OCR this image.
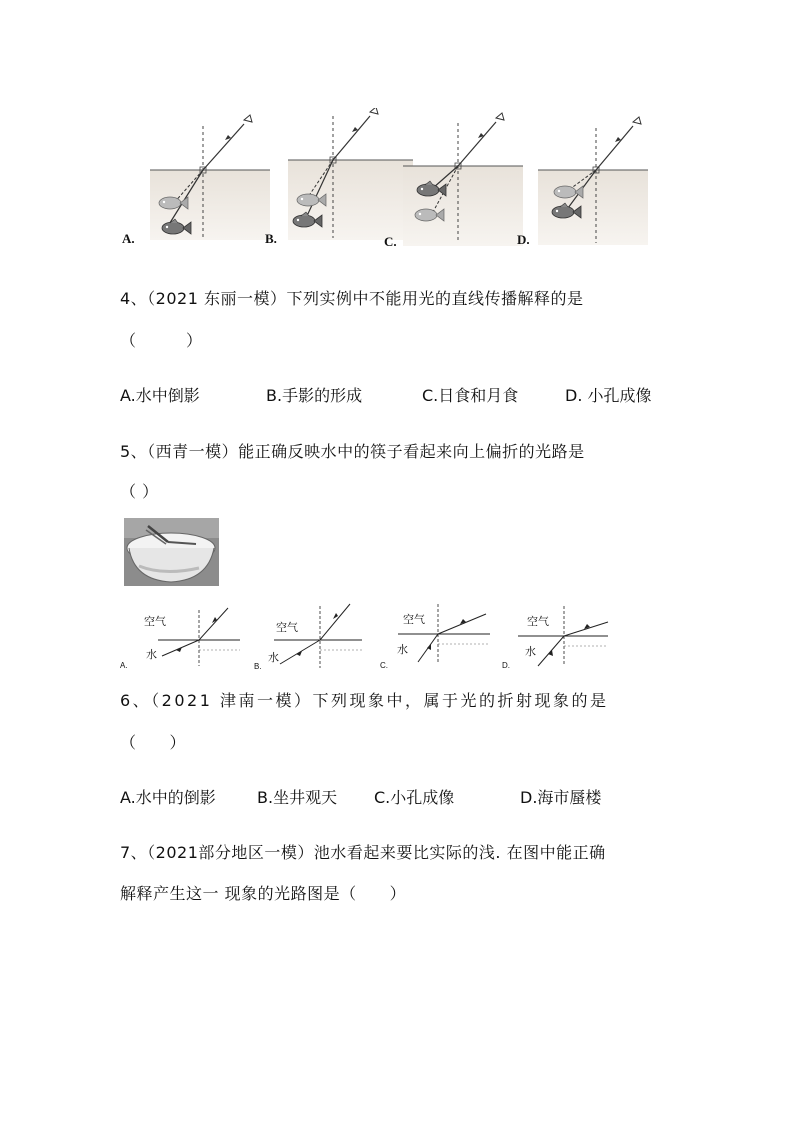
A.	B.	C.	D.
4、（2021 东丽一模）下列实例中不能用光的直线传播解释的是
（　　　）
A.水中倒影	B.手影的形成	C.日食和月食	D. 小孔成像
5、（西青一模）能正确反映水中的筷子看起来向上偏折的光路是
（ ）
空气
水
A.
空气
水
B.
空气
水
C.
空气
水
D.
6、（2021 津南一模）下列现象中，属于光的折射现象的是
（　　）
A.水中的倒影	B.坐井观天 C.小孔成像	D.海市蜃楼
7、（2021部分地区一模）池水看起来要比实际的浅. 在图中能正确
解释产生这一 现象的光路图是（　　）
